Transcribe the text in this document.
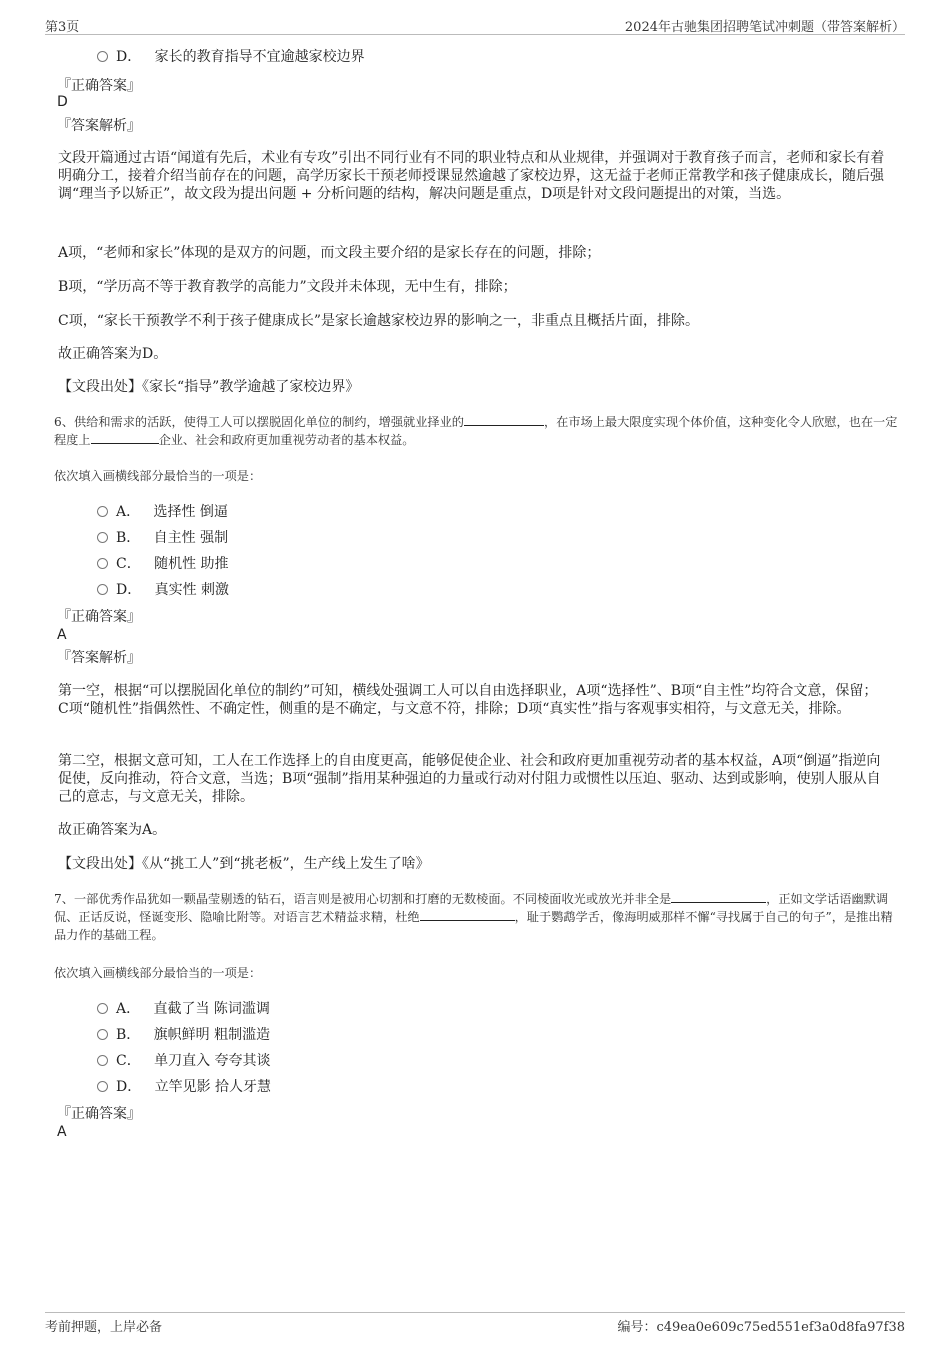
第3页	2024年古驰集团招聘笔试冲刺题（带答案解析）
D． 家长的教育指导不宜逾越家校边界
『正确答案』
D
『答案解析』
文段开篇通过古语“闻道有先后，术业有专攻”引出不同行业有不同的职业特点和从业规律，并强调对于教育孩子而言，老师和家长有着明确分工，接着介绍当前存在的问题，高学历家长干预老师授课显然逾越了家校边界，这无益于老师正常教学和孩子健康成长，随后强调“理当予以矫正”，故文段为提出问题 + 分析问题的结构，解决问题是重点，D项是针对文段问题提出的对策，当选。
A项，“老师和家长”体现的是双方的问题，而文段主要介绍的是家长存在的问题，排除；
B项，“学历高不等于教育教学的高能力”文段并未体现，无中生有，排除；
C项，“家长干预教学不利于孩子健康成长”是家长逾越家校边界的影响之一，非重点且概括片面，排除。
故正确答案为D。
【文段出处】《家长“指导”教学逾越了家校边界》
6、供给和需求的活跃，使得工人可以摆脱固化单位的制约，增强就业择业的	，在市场上最大限度实现个体价值，这种变化令人欣慰，也在一定程度上	企业、社会和政府更加重视劳动者的基本权益。
依次填入画横线部分最恰当的一项是：
A． 选择性 倒逼
B． 自主性 强制
C． 随机性 助推
D． 真实性 刺激
『正确答案』
A
『答案解析』
第一空，根据“可以摆脱固化单位的制约”可知，横线处强调工人可以自由选择职业，A项“选择性”、B项“自主性”均符合文意，保留；C项“随机性”指偶然性、不确定性，侧重的是不确定，与文意不符，排除；D项“真实性”指与客观事实相符，与文意无关，排除。
第二空，根据文意可知，工人在工作选择上的自由度更高，能够促使企业、社会和政府更加重视劳动者的基本权益，A项“倒逼”指逆向促使，反向推动，符合文意，当选；B项“强制”指用某种强迫的力量或行动对付阻力或惯性以压迫、驱动、达到或影响，使别人服从自己的意志，与文意无关，排除。
故正确答案为A。
【文段出处】《从“挑工人”到“挑老板”，生产线上发生了啥》
7、一部优秀作品犹如一颗晶莹剔透的钻石，语言则是被用心切割和打磨的无数棱面。不同棱面收光或放光并非全是	，正如文学话语幽默调侃、正话反说，怪诞变形、隐喻比附等。对语言艺术精益求精，杜绝	，耻于鹦鹉学舌，像海明威那样不懈“寻找属于自己的句子”，是推出精品力作的基础工程。
依次填入画横线部分最恰当的一项是：
A． 直截了当 陈词滥调
B． 旗帜鲜明 粗制滥造
C． 单刀直入 夸夸其谈
D． 立竿见影 拾人牙慧
『正确答案』
A
考前押题，上岸必备	编号：c49ea0e609c75ed551ef3a0d8fa97f38
